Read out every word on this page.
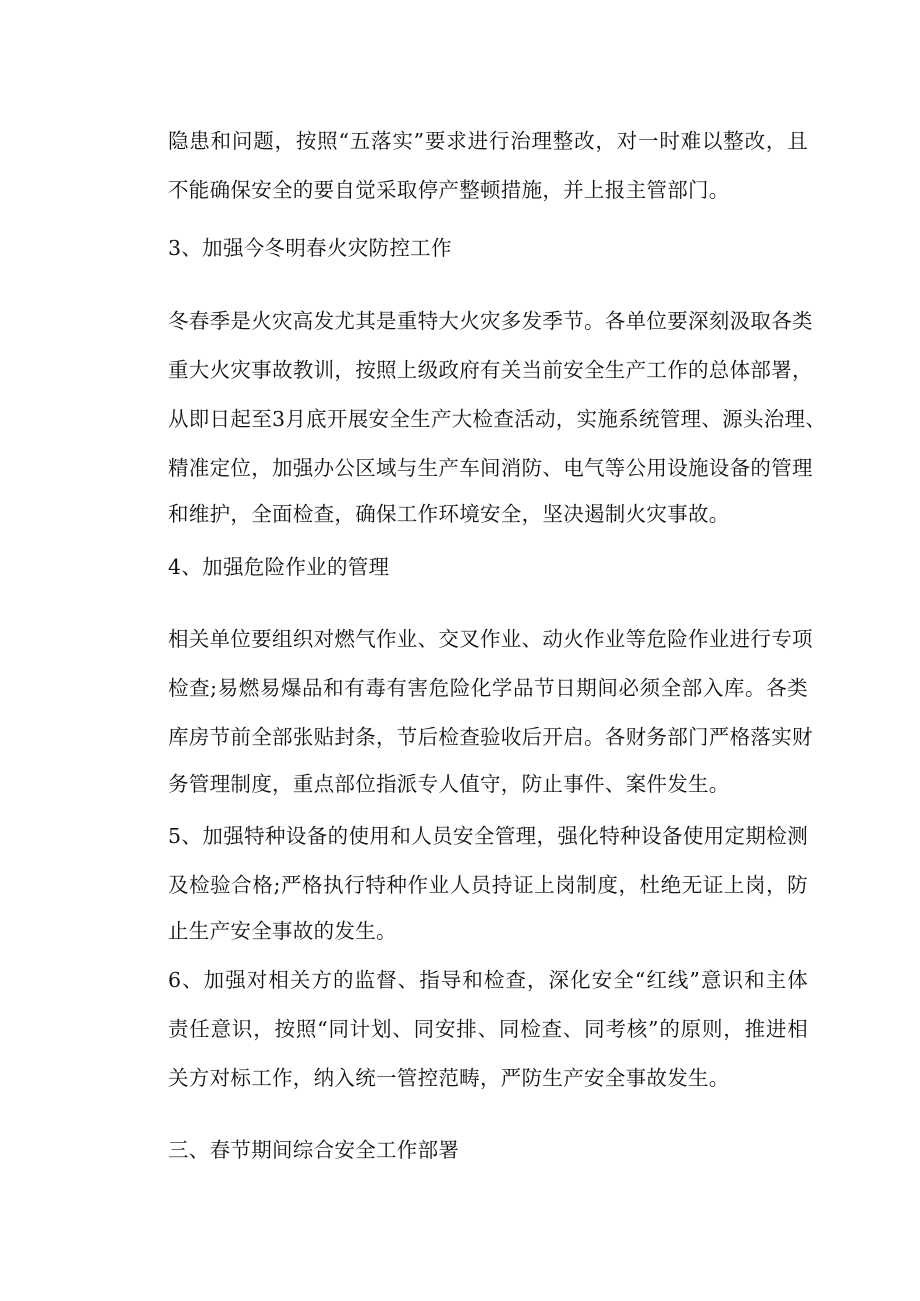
隐患和问题，按照“五落实”要求进行治理整改，对一时难以整改，且
不能确保安全的要自觉采取停产整顿措施，并上报主管部门。
3、加强今冬明春火灾防控工作
冬春季是火灾高发尤其是重特大火灾多发季节。各单位要深刻汲取各类
重大火灾事故教训，按照上级政府有关当前安全生产工作的总体部署，
从即日起至3月底开展安全生产大检查活动，实施系统管理、源头治理、
精准定位，加强办公区域与生产车间消防、电气等公用设施设备的管理
和维护，全面检查，确保工作环境安全，坚决遏制火灾事故。
4、加强危险作业的管理
相关单位要组织对燃气作业、交叉作业、动火作业等危险作业进行专项
检查;易燃易爆品和有毒有害危险化学品节日期间必须全部入库。各类
库房节前全部张贴封条，节后检查验收后开启。各财务部门严格落实财
务管理制度，重点部位指派专人值守，防止事件、案件发生。
5、加强特种设备的使用和人员安全管理，强化特种设备使用定期检测
及检验合格;严格执行特种作业人员持证上岗制度，杜绝无证上岗，防
止生产安全事故的发生。
6、加强对相关方的监督、指导和检查，深化安全“红线”意识和主体
责任意识，按照“同计划、同安排、同检查、同考核”的原则，推进相
关方对标工作，纳入统一管控范畴，严防生产安全事故发生。
三、春节期间综合安全工作部署
